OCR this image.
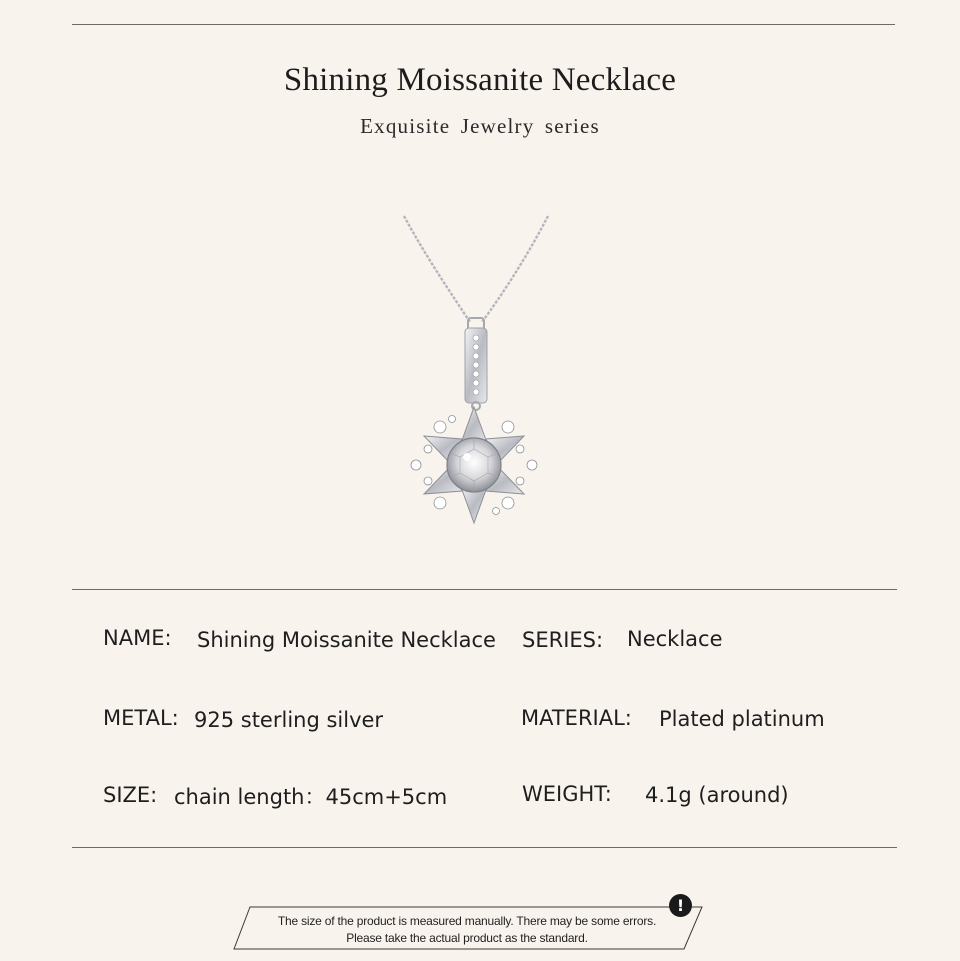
Shining Moissanite Necklace
Exquisite Jewelry series
NAME: Shining Moissanite Necklace SERIES: Necklace
METAL: 925 sterling silver	MATERIAL: Plated platinum
SIZE: chain length：45cm+5cm	WEIGHT: 4.1g (around)
The size of the product is measured manually. There may be some errors.
Please take the actual product as the standard.
!
